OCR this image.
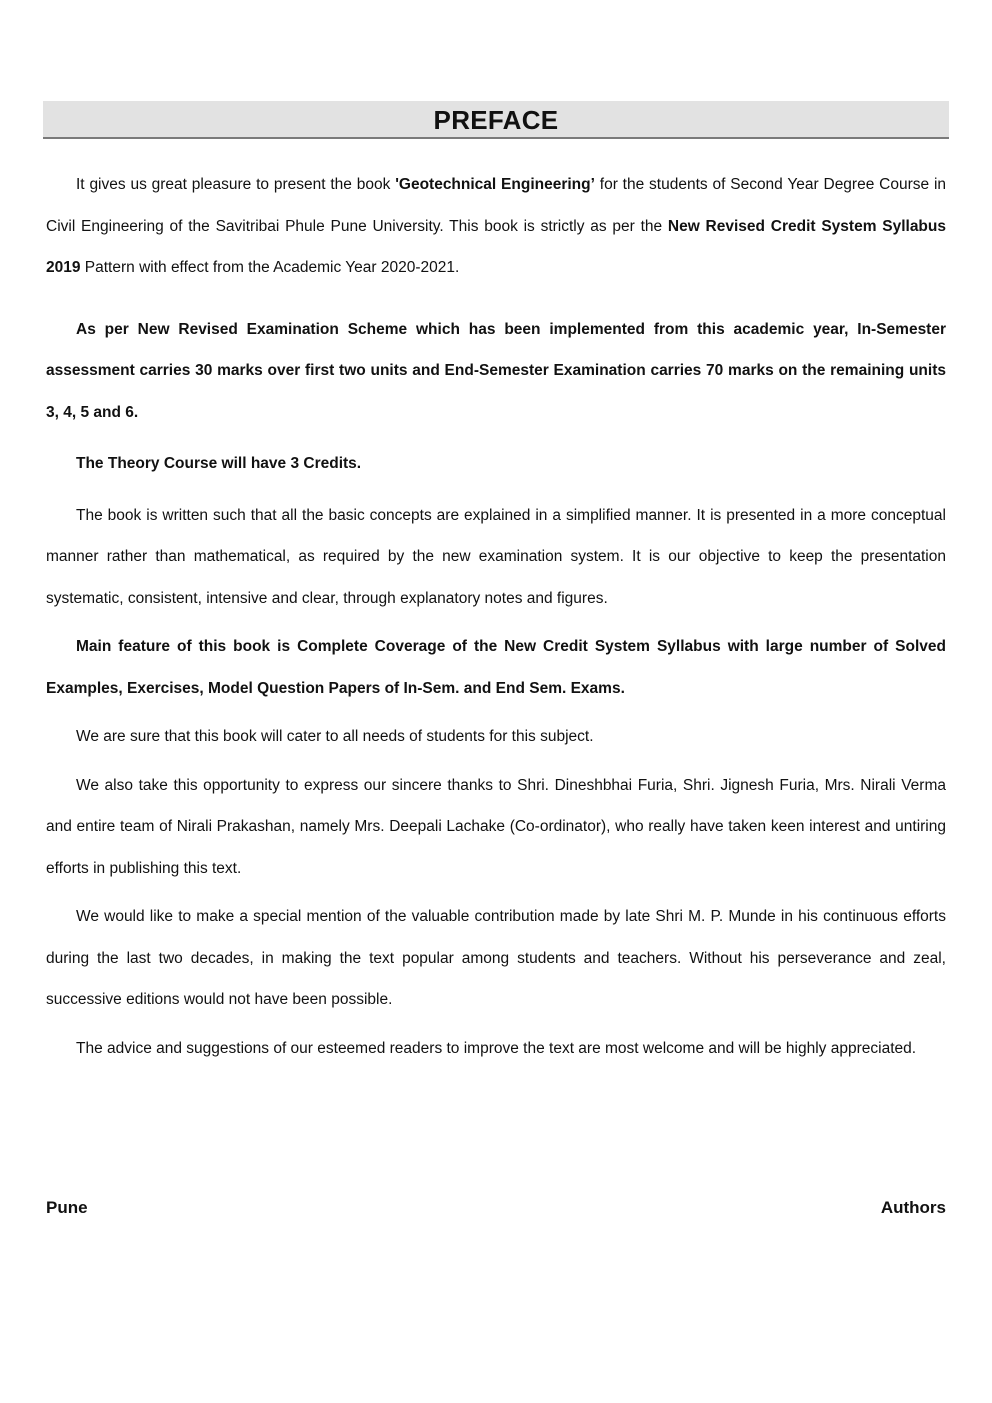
PREFACE

It gives us great pleasure to present the book 'Geotechnical Engineering’ for the students of Second Year Degree Course in Civil Engineering of the Savitribai Phule Pune University. This book is strictly as per the New Revised Credit System Syllabus 2019 Pattern with effect from the Academic Year 2020-2021.

As per New Revised Examination Scheme which has been implemented from this academic year, In-Semester assessment carries 30 marks over first two units and End-Semester Examination carries 70 marks on the remaining units 3, 4, 5 and 6.

The Theory Course will have 3 Credits.

The book is written such that all the basic concepts are explained in a simplified manner. It is presented in a more conceptual manner rather than mathematical, as required by the new examination system. It is our objective to keep the presentation systematic, consistent, intensive and clear, through explanatory notes and figures.

Main feature of this book is Complete Coverage of the New Credit System Syllabus with large number of Solved Examples, Exercises, Model Question Papers of In-Sem. and End Sem. Exams.

We are sure that this book will cater to all needs of students for this subject.

We also take this opportunity to express our sincere thanks to Shri. Dineshbhai Furia, Shri. Jignesh Furia, Mrs. Nirali Verma and entire team of Nirali Prakashan, namely Mrs. Deepali Lachake (Co-ordinator), who really have taken keen interest and untiring efforts in publishing this text.

We would like to make a special mention of the valuable contribution made by late Shri M. P. Munde in his continuous efforts during the last two decades, in making the text popular among students and teachers. Without his perseverance and zeal, successive editions would not have been possible.

The advice and suggestions of our esteemed readers to improve the text are most welcome and will be highly appreciated.

Pune	Authors
